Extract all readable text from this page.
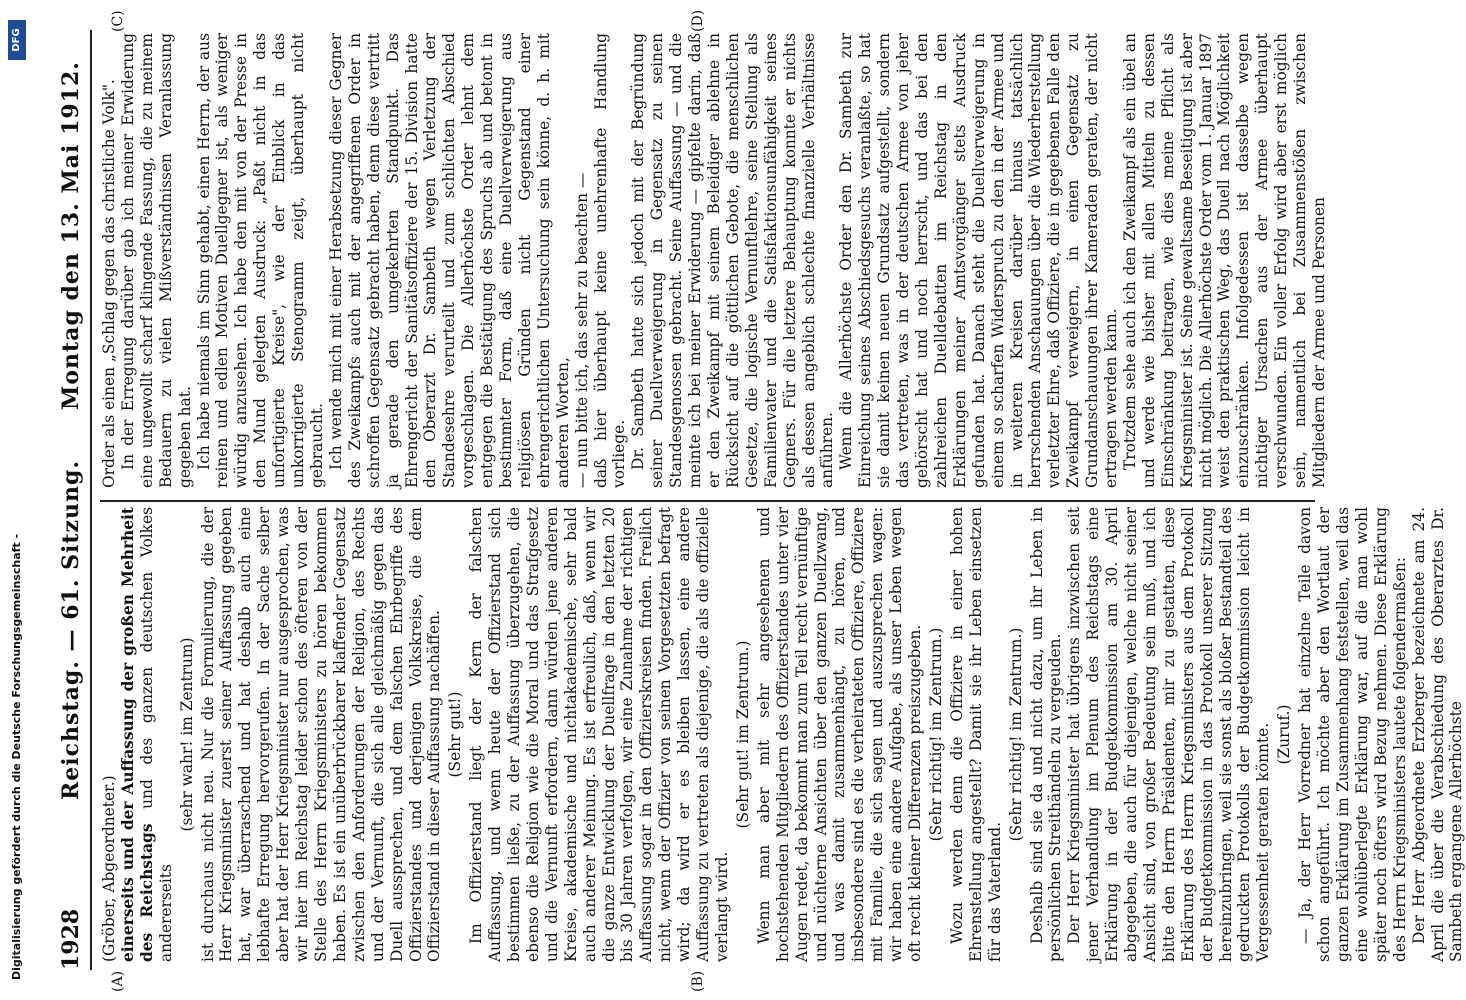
Digitalisierung gefördert durch die Deutsche Forschungsgemeinschaft -
DFG
1928
Reichstag. — 61. Sitzung.
Montag den 13. Mai 1912.
(A)	(B)
(C)	(D)

(Gröber, Abgeordneter.) einerseits und der Auffassung der großen Mehrheit des Reichstags und des ganzen deutschen Volkes andererseits

(sehr wahr! im Zentrum) ist durchaus nicht neu. Nur die Formulierung, die der Herr Kriegsminister zuerst seiner Auffassung gegeben hat, war überraschend und hat deshalb auch eine lebhafte Erregung hervorgerufen. In der Sache selber aber hat der Herr Kriegsminister nur ausgesprochen, was wir hier im Reichstag leider schon des öfteren von der Stelle des Herrn Kriegsministers zu hören bekommen haben. Es ist ein unüberbrückbarer klaffender Gegensatz zwischen den Anforderungen der Religion, des Rechts und der Vernunft, die sich alle gleichmäßig gegen das Duell aussprechen, und dem falschen Ehrbegriffe des Offizierstandes und derjenigen Volkskreise, die dem Offizierstand in dieser Auffassung nachäffen. (Sehr gut!) Im Offizierstand liegt der Kern der falschen Auffassung, und wenn heute der Offizierstand sich bestimmen ließe, zu der Auffassung überzugehen, die ebenso die Religion wie die Moral und das Strafgesetz und die Vernunft erfordern, dann würden jene anderen Kreise, akademische und nichtakademische, sehr bald auch anderer Meinung. Es ist erfreulich, daß, wenn wir die ganze Entwicklung der Duellfrage in den letzten 20 bis 30 Jahren verfolgen, wir eine Zunahme der richtigen Auffassung sogar in den Offizierskreisen finden. Freilich nicht, wenn der Offizier von seinen Vorgesetzten befragt wird; da wird er es bleiben lassen, eine andere Auffassung zu vertreten als diejenige, die als die offizielle verlangt wird.

(Sehr gut! im Zentrum.) Wenn man aber mit sehr angesehenen und hochstehenden Mitgliedern des Offizierstandes unter vier Augen redet, da bekommt man zum Teil recht vernünftige und nüchterne Ansichten über den ganzen Duellzwang, und was damit zusammenhängt, zu hören, und insbesondere sind es die verheirateten Offiziere, Offiziere mit Familie, die sich sagen und auszusprechen wagen: wir haben eine andere Aufgabe, als unser Leben wegen oft recht kleiner Differenzen preiszugeben. (Sehr richtig! im Zentrum.) Wozu werden denn die Offiziere in einer hohen Ehrenstellung angestellt? Damit sie ihr Leben einsetzen für das Vaterland.

(Sehr richtig! im Zentrum.) Deshalb sind sie da und nicht dazu, um ihr Leben in persönlichen Streithändeln zu vergeuden. Der Herr Kriegsminister hat übrigens inzwischen seit jener Verhandlung im Plenum des Reichstags eine Erklärung in der Budgetkommission am 30. April abgegeben, die auch für diejenigen, welche nicht seiner Ansicht sind, von großer Bedeutung sein muß, und ich bitte den Herrn Präsidenten, mir zu gestatten, diese Erklärung des Herrn Kriegsministers aus dem Protokoll der Budgetkommission in das Protokoll unserer Sitzung hereinzubringen, weil sie sonst als bloßer Bestandteil des gedruckten Protokolls der Budgetkommission leicht in Vergessenheit geraten könnte. (Zuruf.) — Ja, der Herr Vorredner hat einzelne Teile davon schon angeführt. Ich möchte aber den Wortlaut der ganzen Erklärung im Zusammenhang feststellen, weil das eine wohlüberlegte Erklärung war, auf die man wohl später noch öfters wird Bezug nehmen. Diese Erklärung des Herrn Kriegsministers lautete folgendermaßen: Der Herr Abgeordnete Erzberger bezeichnete am 24. April die über die Verabschiedung des Oberarztes Dr. Sambeth ergangene Allerhöchste

Order als einen „Schlag gegen das christliche Volk". In der Erregung darüber gab ich meiner Erwiderung eine ungewollt scharf klingende Fassung, die zu meinem Bedauern zu vielen Mißverständnissen Veranlassung gegeben hat. Ich habe niemals im Sinn gehabt, einen Herrn, der aus reinen und edlen Motiven Duellgegner ist, als weniger würdig anzusehen. Ich habe den mit von der Presse in den Mund gelegten Ausdruck: „Paßt nicht in das unfortigierte Kreise", wie der Einblick in das unkorrigierte Stenogramm zeigt, überhaupt nicht gebraucht. Ich wende mich mit einer Herabsetzung dieser Gegner des Zweikampfs auch mit der angegriffenen Order in schroffen Gegensatz gebracht haben, denn diese vertritt ja gerade den umgekehrten Standpunkt. Das Ehrengericht der Sanitätsoffiziere der 15. Division hatte den Oberarzt Dr. Sambeth wegen Verletzung der Standesehre verurteilt und zum schlichten Abschied vorgeschlagen. Die Allerhöchste Order lehnt dem entgegen die Bestätigung des Spruchs ab und betont in bestimmter Form, daß eine Duellverweigerung aus religiösen Gründen nicht Gegenstand einer ehrengerichtlichen Untersuchung sein könne, d. h. mit anderen Worten, — nun bitte ich, das sehr zu beachten — daß hier überhaupt keine unehrenhafte Handlung vorliege. Dr. Sambeth hatte sich jedoch mit der Begründung seiner Duellverweigerung in Gegensatz zu seinen Standesgenossen gebracht. Seine Auffassung — und die meinte ich bei meiner Erwiderung — gipfelte darin, daß er den Zweikampf mit seinem Beleidiger ablehne in Rücksicht auf die göttlichen Gebote, die menschlichen Gesetze, die logische Vernunftlehre, seine Stellung als Familienvater und die Satisfaktionsunfähigkeit seines Gegners. Für die letztere Behauptung konnte er nichts als dessen angeblich schlechte finanzielle Verhältnisse anführen. Wenn die Allerhöchste Order den Dr. Sambeth zur Einreichung seines Abschiedsgesuchs veranlaßte, so hat sie damit keinen neuen Grundsatz aufgestellt, sondern das vertreten, was in der deutschen Armee von jeher gehörscht hat und noch herrscht, und das bei den zahlreichen Duelldebatten im Reichstag in den Erklärungen meiner Amtsvorgänger stets Ausdruck gefunden hat. Danach steht die Duellverweigerung in einem so scharfen Widerspruch zu den in der Armee und in weiteren Kreisen darüber hinaus tatsächlich herrschenden Anschauungen über die Wiederherstellung verletzter Ehre, daß Offiziere, die in gegebenen Falle den Zweikampf verweigern, in einen Gegensatz zu Grundanschauungen ihrer Kameraden geraten, der nicht ertragen werden kann. Trotzdem sehe auch ich den Zweikampf als ein übel an und werde wie bisher mit allen Mitteln zu dessen Einschränkung beitragen, wie dies meine Pflicht als Kriegsminister ist. Seine gewaltsame Beseitigung ist aber nicht möglich. Die Allerhöchste Order vom 1. Januar 1897 weist den praktischen Weg, das Duell nach Möglichkeit einzuschränken. Infolgedessen ist dasselbe wegen nichtiger Ursachen aus der Armee überhaupt verschwunden. Ein voller Erfolg wird aber erst möglich sein, namentlich bei Zusammenstößen zwischen Mitgliedern der Armee und Personen
